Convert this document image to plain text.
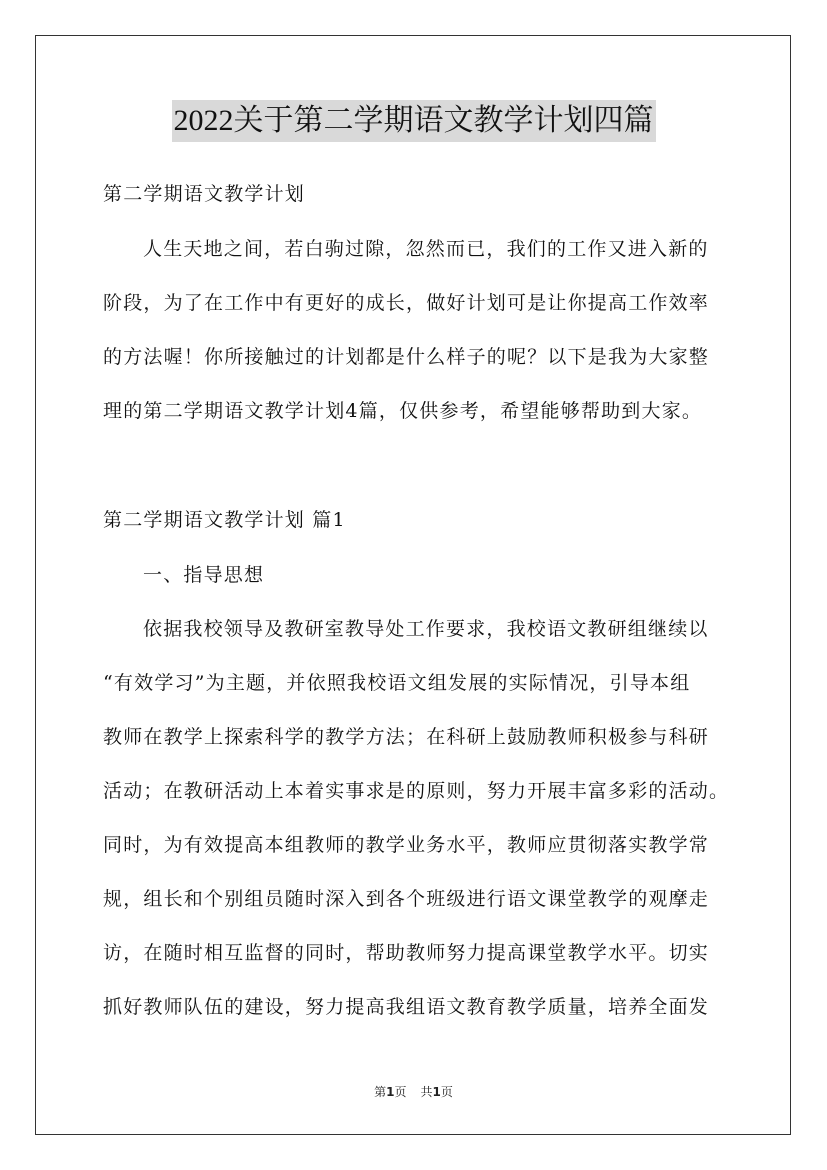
2022关于第二学期语文教学计划四篇
第二学期语文教学计划
人生天地之间，若白驹过隙，忽然而已，我们的工作又进入新的
阶段，为了在工作中有更好的成长，做好计划可是让你提高工作效率
的方法喔！你所接触过的计划都是什么样子的呢？以下是我为大家整
理的第二学期语文教学计划4篇，仅供参考，希望能够帮助到大家。
第二学期语文教学计划 篇1
一、指导思想
依据我校领导及教研室教导处工作要求，我校语文教研组继续以
“有效学习”为主题，并依照我校语文组发展的实际情况，引导本组
教师在教学上探索科学的教学方法；在科研上鼓励教师积极参与科研
活动；在教研活动上本着实事求是的原则，努力开展丰富多彩的活动。
同时，为有效提高本组教师的教学业务水平，教师应贯彻落实教学常
规，组长和个别组员随时深入到各个班级进行语文课堂教学的观摩走
访，在随时相互监督的同时，帮助教师努力提高课堂教学水平。切实
抓好教师队伍的建设，努力提高我组语文教育教学质量，培养全面发
第1页 共1页
